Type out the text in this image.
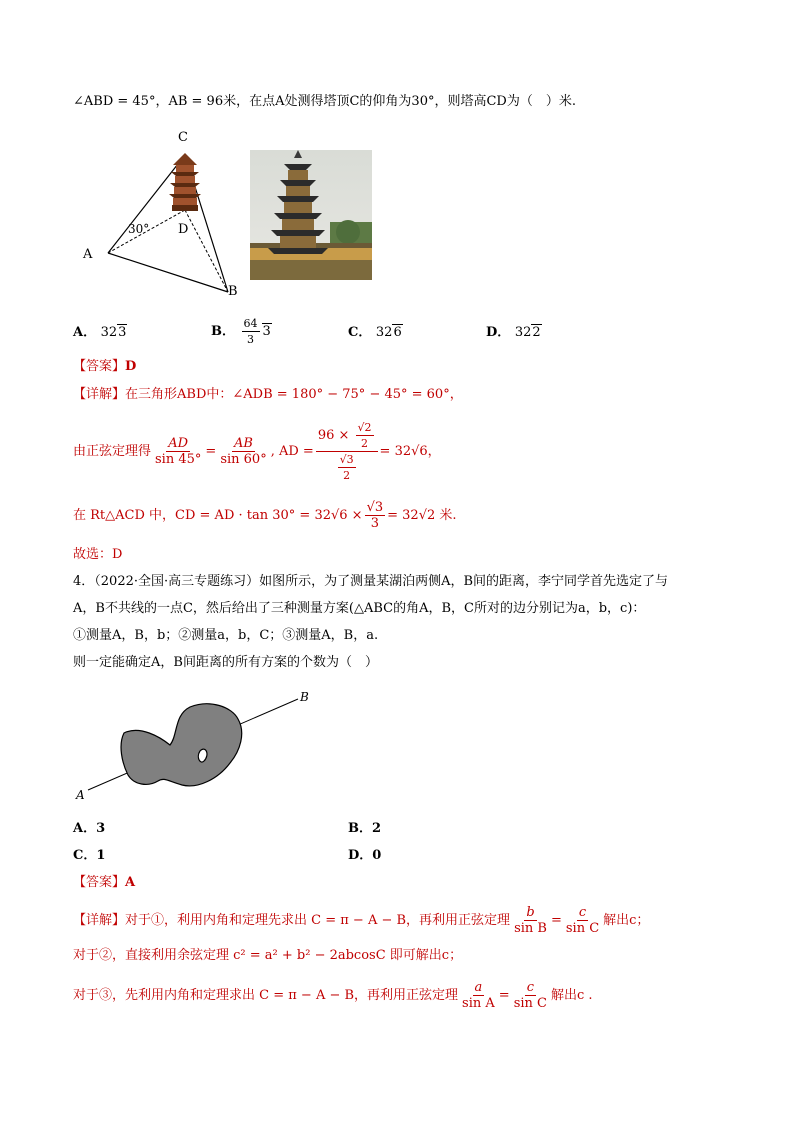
∠ABD = 45°，AB = 96米，在点A处测得塔顶C的仰角为30°，则塔高CD为（　）米.
C
D
A
B
30°
A． 323	B． $\frac{64}{3} 3$	C． 326	D． 322
【答案】D
【详解】在三角形ABD中：∠ADB = 180° − 75° − 45° = 60°，
由正弦定理得 $\frac{AD}{\sin 45^\circ} = \frac{AB}{\sin 60^\circ}$ , AD = $\frac{96 \times \frac{√2}{2}}{\frac{√3}{2}} = 32√6$，
在 Rt△ACD 中，CD = AD · $\tan 30^\circ = 32√6 \times \frac{√3}{3} = 32√2$ 米.
故选：D
4．（2022·全国·高三专题练习）如图所示，为了测量某湖泊两侧A，B间的距离，李宁同学首先选定了与
A，B不共线的一点C，然后给出了三种测量方案(△ABC的角A，B，C所对的边分别记为a，b，c)：
①测量A，B，b；②测量a，b，C；③测量A，B，a.
则一定能确定A，B间距离的所有方案的个数为（　）
A
B
A．3	B．2
C．1	D．0
【答案】A
【详解】 对于①，利用内角和定理先求出 C = π − A − B，再利用正弦定理 $\frac{b}{\text{sin B}} = \frac{c}{\text{sin C}}$ 解出c；
对于②，直接利用余弦定理 c² = a² + b² − 2abcosC 即可解出c；
对于③，先利用内角和定理求出 C = π − A − B，再利用正弦定理 $\frac{a}{\text{sin A}} = \frac{c}{\text{sin C}}$ 解出c .
